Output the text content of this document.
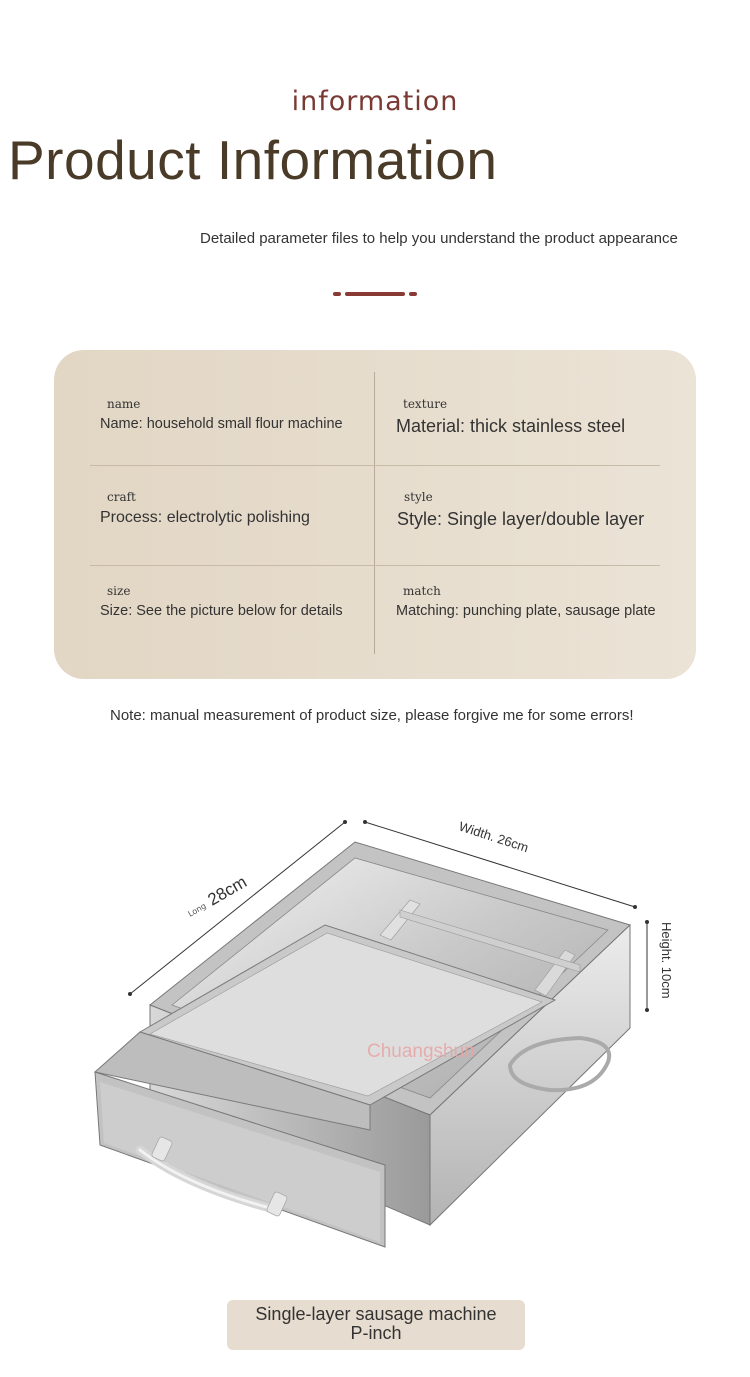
information
Product Information
Detailed parameter files to help you understand the product appearance
name
Name: household small flour machine
texture
Material: thick stainless steel
craft
Process: electrolytic polishing
style
Style: Single layer/double layer
size
Size: See the picture below for details
match
Matching: punching plate, sausage plate
Note: manual measurement of product size, please forgive me for some errors!
Long
28cm
Width. 26cm
Height. 10cm
Chuangshun
Single-layer sausage machine
P-inch
